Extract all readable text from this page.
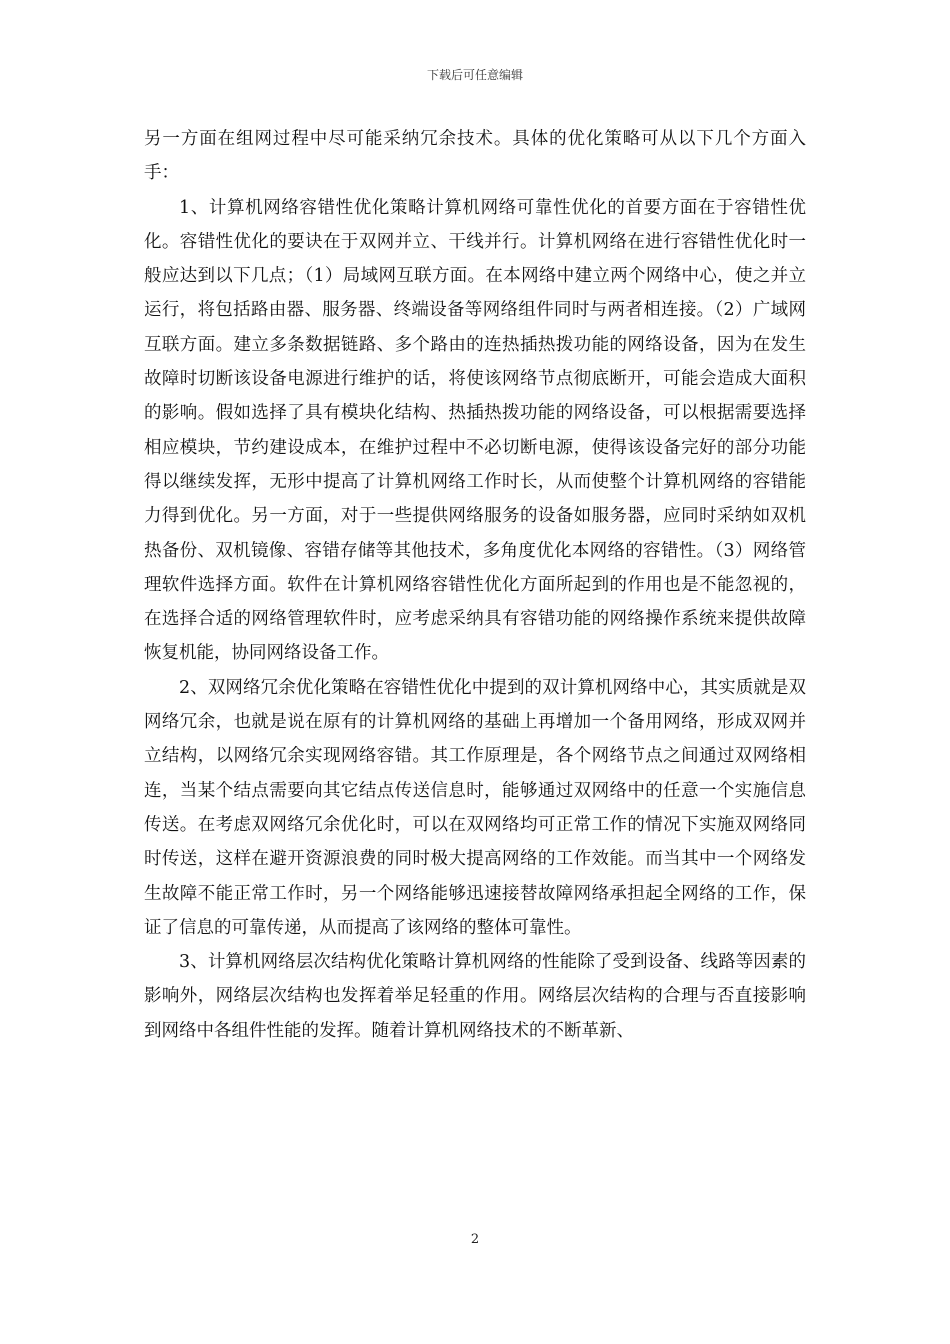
下载后可任意编辑

另一方面在组网过程中尽可能采纳冗余技术。具体的优化策略可从以下几个方面入手：

1、计算机网络容错性优化策略计算机网络可靠性优化的首要方面在于容错性优化。容错性优化的要诀在于双网并立、干线并行。计算机网络在进行容错性优化时一般应达到以下几点；（1）局域网互联方面。在本网络中建立两个网络中心，使之并立运行，将包括路由器、服务器、终端设备等网络组件同时与两者相连接。（2）广域网互联方面。建立多条数据链路、多个路由的连热插热拨功能的网络设备，因为在发生故障时切断该设备电源进行维护的话，将使该网络节点彻底断开，可能会造成大面积的影响。假如选择了具有模块化结构、热插热拨功能的网络设备，可以根据需要选择相应模块，节约建设成本，在维护过程中不必切断电源，使得该设备完好的部分功能得以继续发挥，无形中提高了计算机网络工作时长，从而使整个计算机网络的容错能力得到优化。另一方面，对于一些提供网络服务的设备如服务器，应同时采纳如双机热备份、双机镜像、容错存储等其他技术，多角度优化本网络的容错性。（3）网络管理软件选择方面。软件在计算机网络容错性优化方面所起到的作用也是不能忽视的，在选择合适的网络管理软件时，应考虑采纳具有容错功能的网络操作系统来提供故障恢复机能，协同网络设备工作。

2、双网络冗余优化策略在容错性优化中提到的双计算机网络中心，其实质就是双网络冗余，也就是说在原有的计算机网络的基础上再增加一个备用网络，形成双网并立结构，以网络冗余实现网络容错。其工作原理是，各个网络节点之间通过双网络相连，当某个结点需要向其它结点传送信息时，能够通过双网络中的任意一个实施信息传送。在考虑双网络冗余优化时，可以在双网络均可正常工作的情况下实施双网络同时传送，这样在避开资源浪费的同时极大提高网络的工作效能。而当其中一个网络发生故障不能正常工作时，另一个网络能够迅速接替故障网络承担起全网络的工作，保证了信息的可靠传递，从而提高了该网络的整体可靠性。

3、计算机网络层次结构优化策略计算机网络的性能除了受到设备、线路等因素的影响外，网络层次结构也发挥着举足轻重的作用。网络层次结构的合理与否直接影响到网络中各组件性能的发挥。随着计算机网络技术的不断革新、

2
